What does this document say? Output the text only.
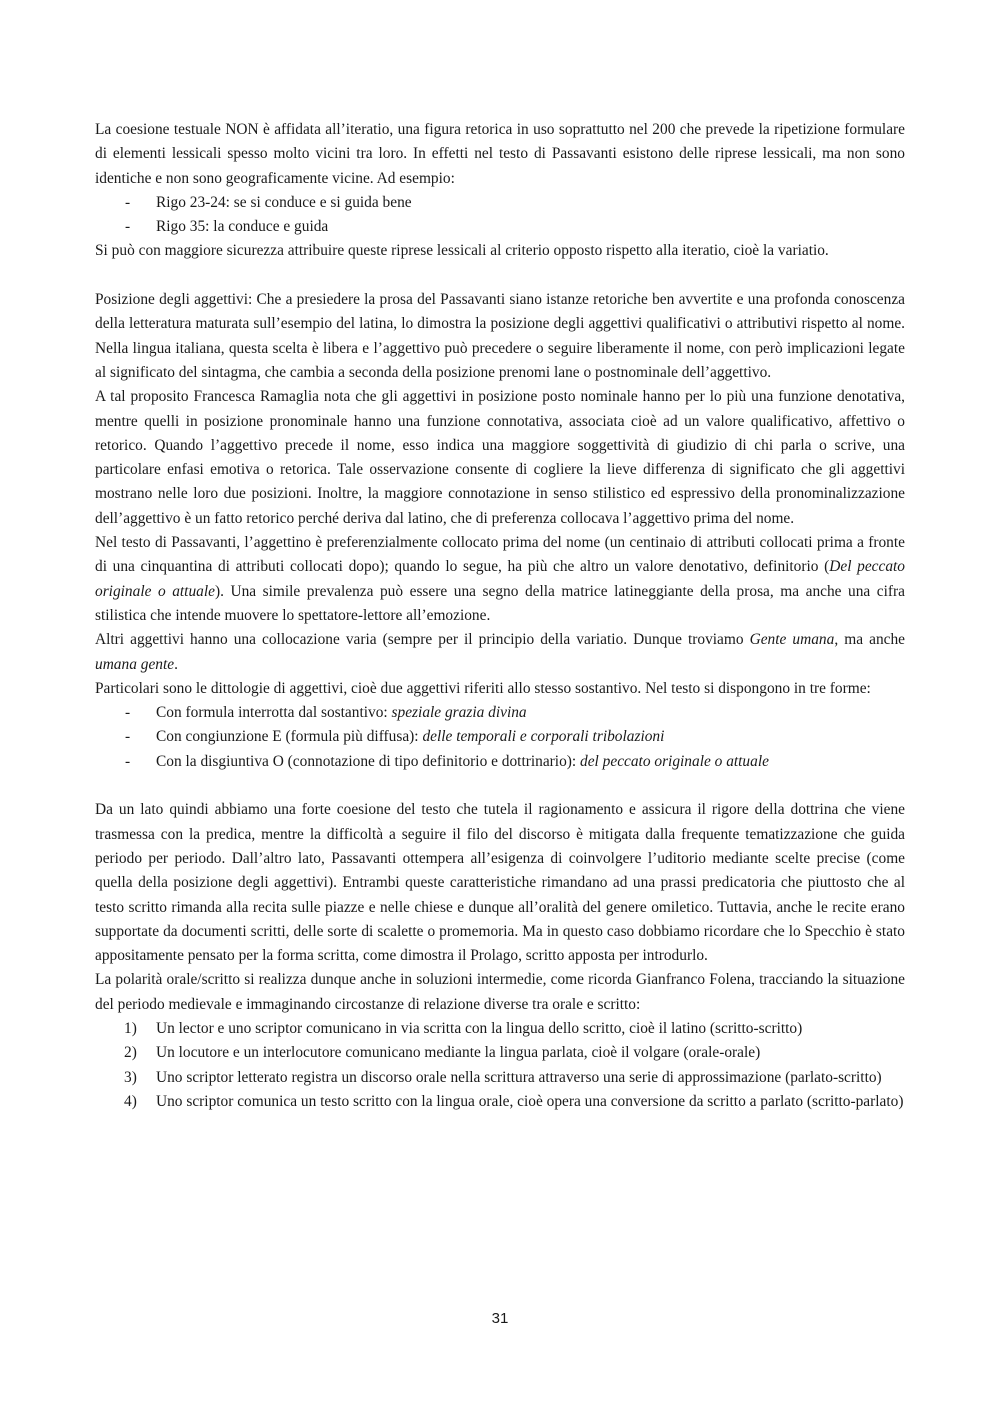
La coesione testuale NON è affidata all’iteratio, una figura retorica in uso soprattutto nel 200 che prevede la ripetizione formulare di elementi lessicali spesso molto vicini tra loro. In effetti nel testo di Passavanti esistono delle riprese lessicali, ma non sono identiche e non sono geograficamente vicine. Ad esempio:

- Rigo 23-24: se si conduce e si guida bene
- Rigo 35: la conduce e guida

Si può con maggiore sicurezza attribuire queste riprese lessicali al criterio opposto rispetto alla iteratio, cioè la variatio.

Posizione degli aggettivi: Che a presiedere la prosa del Passavanti siano istanze retoriche ben avvertite e una profonda conoscenza della letteratura maturata sull’esempio del latina, lo dimostra la posizione degli aggettivi qualificativi o attributivi rispetto al nome. Nella lingua italiana, questa scelta è libera e l’aggettivo può precedere o seguire liberamente il nome, con però implicazioni legate al significato del sintagma, che cambia a seconda della posizione prenomi lane o postnominale dell’aggettivo.

A tal proposito Francesca Ramaglia nota che gli aggettivi in posizione posto nominale hanno per lo più una funzione denotativa, mentre quelli in posizione pronominale hanno una funzione connotativa, associata cioè ad un valore qualificativo, affettivo o retorico. Quando l’aggettivo precede il nome, esso indica una maggiore soggettività di giudizio di chi parla o scrive, una particolare enfasi emotiva o retorica. Tale osservazione consente di cogliere la lieve differenza di significato che gli aggettivi mostrano nelle loro due posizioni. Inoltre, la maggiore connotazione in senso stilistico ed espressivo della pronominalizzazione dell’aggettivo è un fatto retorico perché deriva dal latino, che di preferenza collocava l’aggettivo prima del nome.

Nel testo di Passavanti, l’aggettino è preferenzialmente collocato prima del nome (un centinaio di attributi collocati prima a fronte di una cinquantina di attributi collocati dopo); quando lo segue, ha più che altro un valore denotativo, definitorio (Del peccato originale o attuale). Una simile prevalenza può essere una segno della matrice latineggiante della prosa, ma anche una cifra stilistica che intende muovere lo spettatore-lettore all’emozione.

Altri aggettivi hanno una collocazione varia (sempre per il principio della variatio. Dunque troviamo Gente umana, ma anche umana gente.

Particolari sono le dittologie di aggettivi, cioè due aggettivi riferiti allo stesso sostantivo. Nel testo si dispongono in tre forme:

- Con formula interrotta dal sostantivo: speziale grazia divina
- Con congiunzione E (formula più diffusa): delle temporali e corporali tribolazioni
- Con la disgiuntiva O (connotazione di tipo definitorio e dottrinario): del peccato originale o attuale

Da un lato quindi abbiamo una forte coesione del testo che tutela il ragionamento e assicura il rigore della dottrina che viene trasmessa con la predica, mentre la difficoltà a seguire il filo del discorso è mitigata dalla frequente tematizzazione che guida periodo per periodo. Dall’altro lato, Passavanti ottempera all’esigenza di coinvolgere l’uditorio mediante scelte precise (come quella della posizione degli aggettivi). Entrambi queste caratteristiche rimandano ad una prassi predicatoria che piuttosto che al testo scritto rimanda alla recita sulle piazze e nelle chiese e dunque all’oralità del genere omiletico. Tuttavia, anche le recite erano supportate da documenti scritti, delle sorte di scalette o promemoria. Ma in questo caso dobbiamo ricordare che lo Specchio è stato appositamente pensato per la forma scritta, come dimostra il Prolago, scritto apposta per introdurlo.

La polarità orale/scritto si realizza dunque anche in soluzioni intermedie, come ricorda Gianfranco Folena, tracciando la situazione del periodo medievale e immaginando circostanze di relazione diverse tra orale e scritto:

1) Un lector e uno scriptor comunicano in via scritta con la lingua dello scritto, cioè il latino (scritto-scritto)
2) Un locutore e un interlocutore comunicano mediante la lingua parlata, cioè il volgare (orale-orale)
3) Uno scriptor letterato registra un discorso orale nella scrittura attraverso una serie di approssimazione (parlato-scritto)
4) Uno scriptor comunica un testo scritto con la lingua orale, cioè opera una conversione da scritto a parlato (scritto-parlato)
31
